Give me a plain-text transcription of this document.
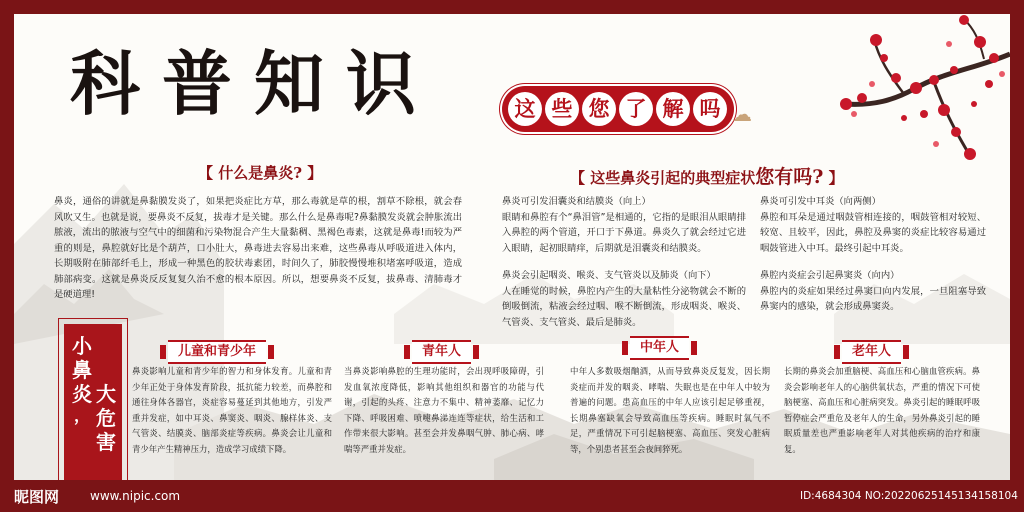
科普知识	这 些 您 了 解 吗 ☁
【 什么是鼻炎? 】	【 这些鼻炎引起的典型症状您有吗? 】
鼻炎，通俗的讲就是鼻黏膜发炎了，如果把炎症比方草，那么毒就是草的根，割草不除根，就会春风吹又生。也就是说，要鼻炎不反复，拔毒才是关键。那么什么是鼻毒呢?鼻黏膜发炎就会肿胀流出脓液，流出的脓液与空气中的细菌和污染物混合产生大量黏稠、黑褐色毒素，这就是鼻毒!而较为严重的则是，鼻腔就好比是个葫芦，口小肚大，鼻毒进去容易出来难，这些鼻毒从呼吸道进入体内，长期吸附在肺部纤毛上，形成一种黑色的胶状毒素团，时间久了，肺胶慢慢堆积堵塞呼吸道，造成肺部病变。这就是鼻炎反反复复久治不愈的根本原因。所以，想要鼻炎不反复，拔鼻毒、清肺毒才是硬道理!
鼻炎可引发泪囊炎和结膜炎（向上）
眼睛和鼻腔有个“鼻泪管”是相通的，它指的是眼泪从眼睛排入鼻腔的两个管道，开口于下鼻道。鼻炎久了就会经过它进入眼睛，起初眼睛痒，后期就是泪囊炎和结膜炎。
鼻炎可引发中耳炎（向两侧）
鼻腔和耳朵是通过咽鼓管相连接的，咽鼓管相对较短、较宽、且较平，因此，鼻腔及鼻窦的炎症比较容易通过咽鼓管进入中耳。最终引起中耳炎。
鼻炎会引起咽炎、喉炎、支气管炎以及肺炎（向下）
人在睡觉的时候，鼻腔内产生的大量粘性分泌物就会不断的倒吸倒流，粘液会经过咽、喉不断倒流，形成咽炎、喉炎、气管炎、支气管炎、最后是肺炎。
鼻腔内炎症会引起鼻窦炎（向内）
鼻腔内的炎症如果经过鼻窦口向内发展，一旦阻塞导致鼻窦内的感染，就会形成鼻窦炎。
小鼻炎
，
大危害
儿童和青少年	青年人	中年人	老年人
鼻炎影响儿童和青少年的智力和身体发育。儿童和青少年正处于身体发育阶段，抵抗能力较差，而鼻腔和通往身体各器官，炎症容易蔓延到其他地方，引发严重并发症，如中耳炎、鼻窦炎、咽炎、腺样体炎、支气管炎、结膜炎、脑部炎症等疾病。鼻炎会让儿童和青少年产生精神压力，造成学习成绩下降。
当鼻炎影响鼻腔的生理功能时，会出现呼吸障碍，引发血氧浓度降低，影响其他组织和器官的功能与代谢，引起的头疼、注意力不集中、精神萎靡、记忆力下降、呼吸困难、喷嚏鼻涕连连等症状，给生活和工作带来很大影响。甚至会并发鼻咽气肿、肺心病、哮喘等严重并发症。
中年人多数吸烟酗酒，从而导致鼻炎反复发，因长期炎症而并发的咽炎、哮喘、失眠也是在中年人中较为普遍的问题。患高血压的中年人应该引起足够重视，长期鼻塞缺氧会导致高血压等疾病。睡眠时氧气不足，严重情况下可引起脑梗塞、高血压、突发心脏病等，个别患者甚至会夜间猝死。
长期的鼻炎会加重脑梗、高血压和心脑血管疾病。鼻炎会影响老年人的心脑供氧状态，严重的情况下可使脑梗塞、高血压和心脏病突发。鼻炎引起的睡眠呼吸暂停症会严重危及老年人的生命，另外鼻炎引起的睡眠质量差也严重影响老年人对其他疾病的治疗和康复。
昵图网	www.nipic.com	ID:4684304 NO:20220625145134158104
